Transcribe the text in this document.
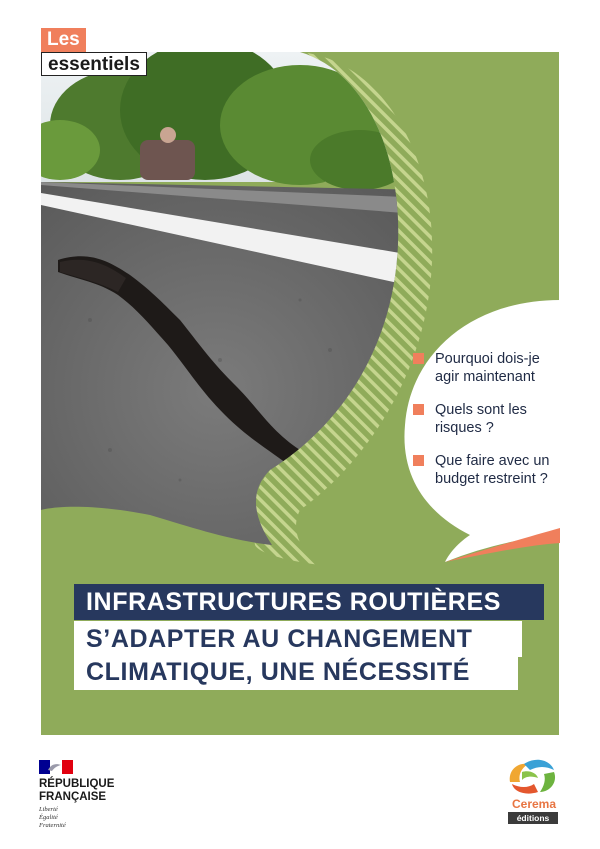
Les
essentiels
Pourquoi dois-je agir maintenant
Quels sont les risques ?
Que faire avec un budget restreint ?
INFRASTRUCTURES ROUTIÈRES
S’ADAPTER AU CHANGEMENT
CLIMATIQUE, UNE NÉCESSITÉ
RÉPUBLIQUE
FRANÇAISE
Liberté
Égalité
Fraternité
Cerema
éditions
